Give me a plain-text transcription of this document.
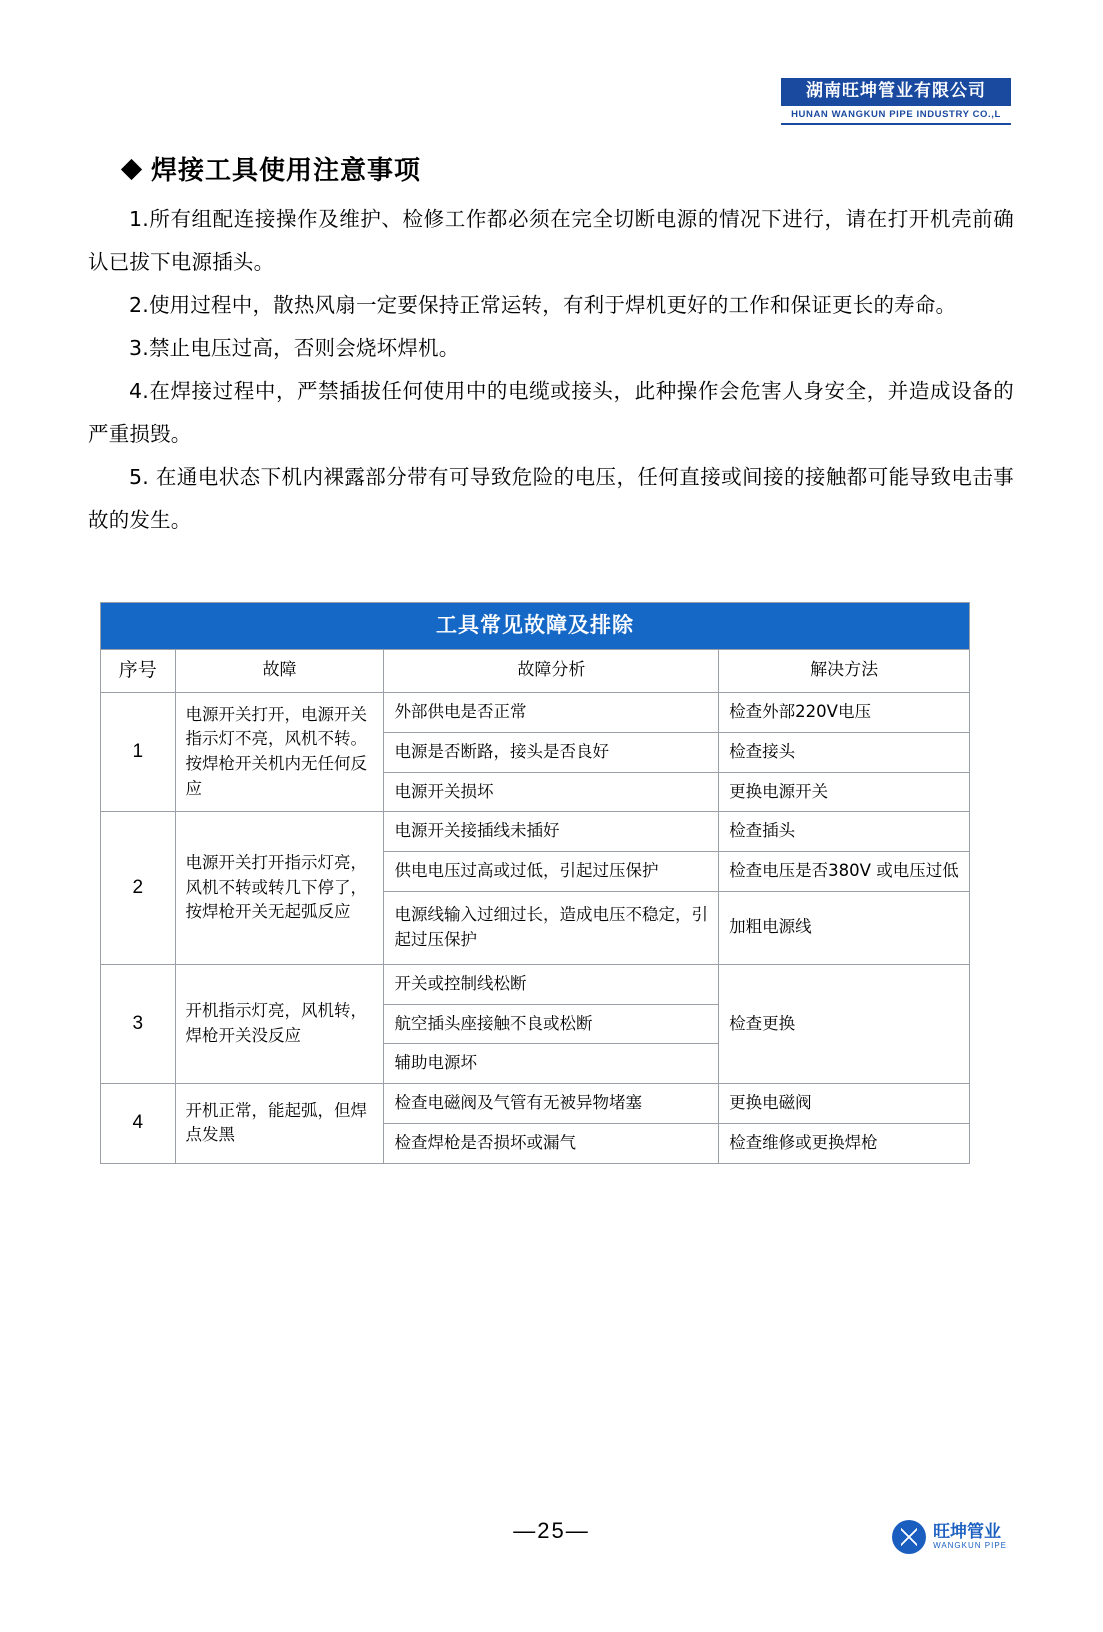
湖南旺坤管业有限公司
HUNAN WANGKUN PIPE INDUSTRY CO.,L
焊接工具使用注意事项

1.所有组配连接操作及维护、检修工作都必须在完全切断电源的情况下进行，请在打开机壳前确认已拔下电源插头。

2.使用过程中，散热风扇一定要保持正常运转，有利于焊机更好的工作和保证更长的寿命。

3.禁止电压过高，否则会烧坏焊机。

4.在焊接过程中，严禁插拔任何使用中的电缆或接头，此种操作会危害人身安全，并造成设备的严重损毁。

5. 在通电状态下机内裸露部分带有可导致危险的电压，任何直接或间接的接触都可能导致电击事故的发生。

工具常见故障及排除			
序号	故障	故障分析	解决方法
1	电源开关打开，电源开关指示灯不亮，风机不转。按焊枪开关机内无任何反应	外部供电是否正常	检查外部220V电压
		电源是否断路，接头是否良好	检查接头
		电源开关损坏	更换电源开关
2	电源开关打开指示灯亮，风机不转或转几下停了，按焊枪开关无起弧反应	电源开关接插线未插好	检查插头
		供电电压过高或过低，引起过压保护	检查电压是否380V 或电压过低
		电源线输入过细过长，造成电压不稳定，引起过压保护	加粗电源线
3	开机指示灯亮，风机转，焊枪开关没反应	开关或控制线松断	检查更换
		航空插头座接触不良或松断	
		辅助电源坏	
4	开机正常，能起弧，但焊点发黑	检查电磁阀及气管有无被异物堵塞	更换电磁阀
		检查焊枪是否损坏或漏气	检查维修或更换焊枪
—25—	旺坤管业
WANGKUN PIPE
